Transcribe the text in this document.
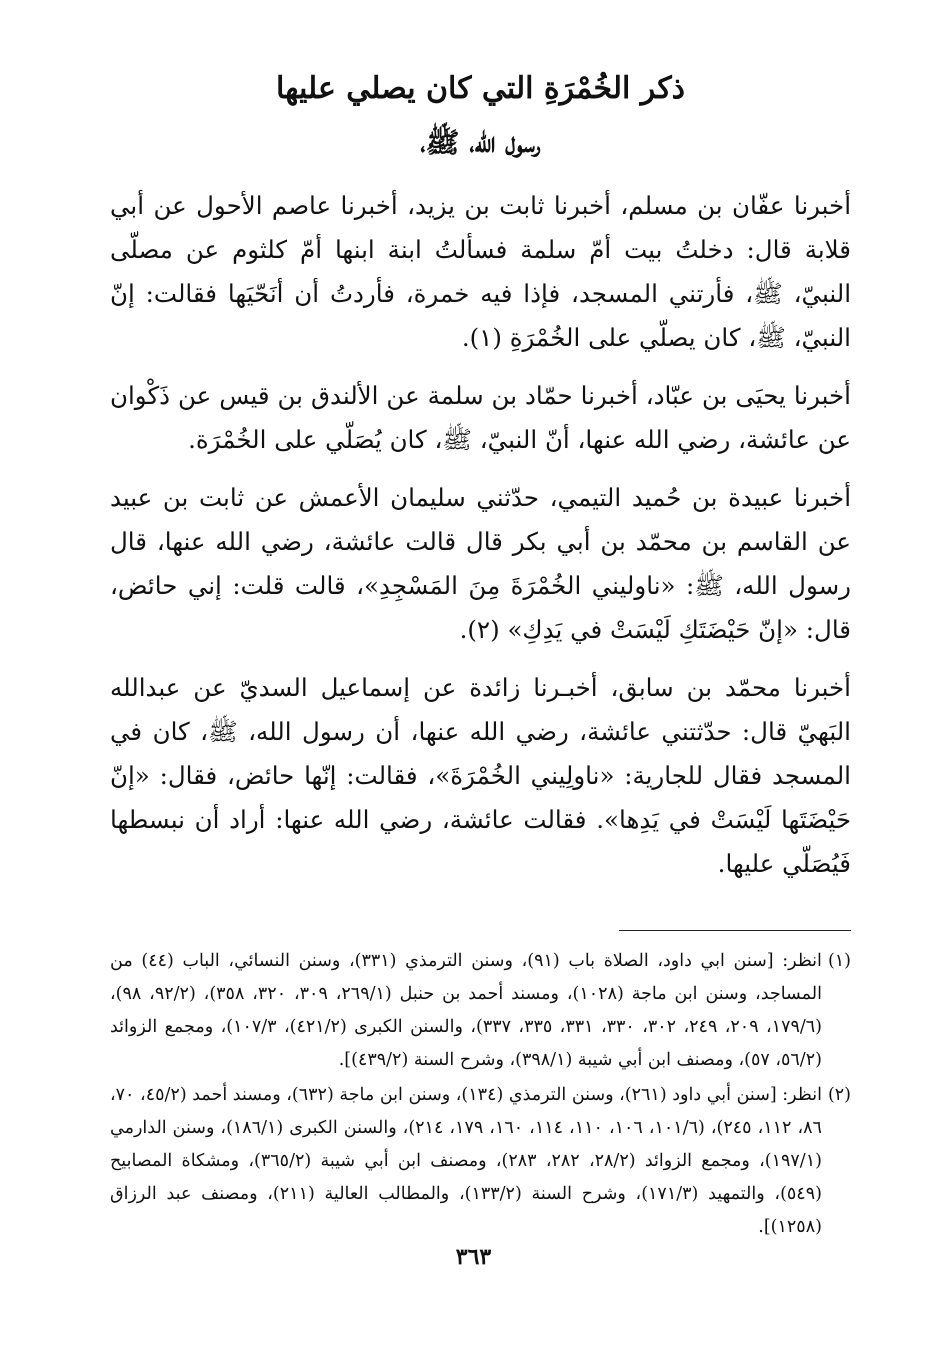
ذكر الخُمْرَةِ التي كان يصلي عليها
رسول الله، ﷺ،

أخبرنا عفّان بن مسلم، أخبرنا ثابت بن يزيد، أخبرنا عاصم الأحول عن أبي قلابة قال: دخلتُ بيت أمّ سلمة فسألتُ ابنة ابنها أمّ كلثوم عن مصلّى النبيّ، ﷺ، فأرتني المسجد، فإذا فيه خمرة، فأردتُ أن أنَحّيَها فقالت: إنّ النبيّ، ﷺ، كان يصلّي على الخُمْرَةِ (١).

أخبرنا يحيَى بن عبّاد، أخبرنا حمّاد بن سلمة عن الألندق بن قيس عن ذَكْوان عن عائشة، رضي الله عنها، أنّ النبيّ، ﷺ، كان يُصَلّي على الخُمْرَة.

أخبرنا عبيدة بن حُميد التيمي، حدّثني سليمان الأعمش عن ثابت بن عبيد عن القاسم بن محمّد بن أبي بكر قال قالت عائشة، رضي الله عنها، قال رسول الله، ﷺ: «ناوليني الخُمْرَةَ مِنَ المَسْجِدِ»، قالت قلت: إني حائض، قال: «إنّ حَيْضَتَكِ لَيْسَتْ في يَدِكِ» (٢).

أخبرنا محمّد بن سابق، أخبـرنا زائدة عن إسماعيل السديّ عن عبدالله البَهيّ قال: حدّثتني عائشة، رضي الله عنها، أن رسول الله، ﷺ، كان في المسجد فقال للجارية: «ناولِيني الخُمْرَةَ»، فقالت: إنّها حائض، فقال: «إنّ حَيْضَتَها لَيْسَتْ في يَدِها». فقالت عائشة، رضي الله عنها: أراد أن نبسطها فَيُصَلّي عليها.

(١)
انظر: [سنن ابي داود، الصلاة باب (٩١)، وسنن الترمذي (٣٣١)، وسنن النسائي، الباب (٤٤) من المساجد، وسنن ابن ماجة (١٠٢٨)، ومسند أحمد بن حنبل (٢٦٩/١، ٣٠٩، ٣٢٠، ٣٥٨)، (٩٢/٢، ٩٨)، (١٧٩/٦، ٢٠٩، ٢٤٩، ٣٠٢، ٣٣٠، ٣٣١، ٣٣٥، ٣٣٧)، والسنن الكبرى (٤٢١/٢)، ١٠٧/٣)، ومجمع الزوائد (٥٦/٢، ٥٧)، ومصنف ابن أبي شيبة (٣٩٨/١)، وشرح السنة (٤٣٩/٢)].
(٢)
انظر: [سنن أبي داود (٢٦١)، وسنن الترمذي (١٣٤)، وسنن ابن ماجة (٦٣٢)، ومسند أحمد (٤٥/٢، ٧٠، ٨٦، ١١٢، ٢٤٥)، (١٠١/٦، ١٠٦، ١١٠، ١١٤، ١٦٠، ١٧٩، ٢١٤)، والسنن الكبرى (١٨٦/١)، وسنن الدارمي (١٩٧/١)، ومجمع الزوائد (٢٨/٢، ٢٨٢، ٢٨٣)، ومصنف ابن أبي شيبة (٣٦٥/٢)، ومشكاة المصابيح (٥٤٩)، والتمهيد (١٧١/٣)، وشرح السنة (١٣٣/٢)، والمطالب العالية (٢١١)، ومصنف عبد الرزاق (١٢٥٨)].
٣٦٣
